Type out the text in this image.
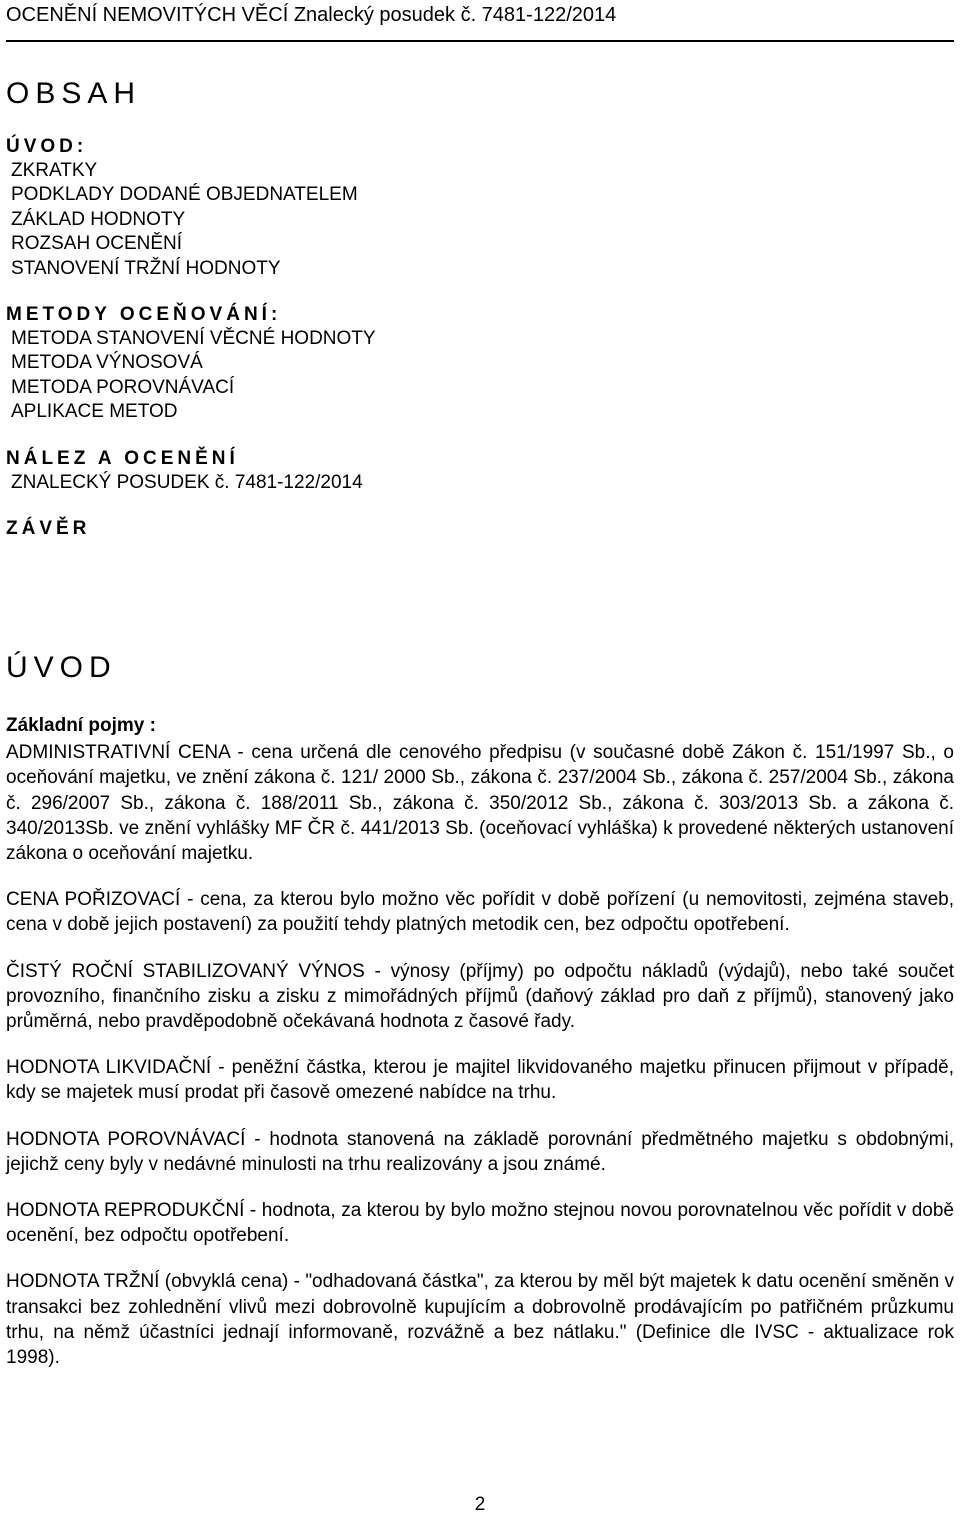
OCENĚNÍ NEMOVITÝCH VĚCÍ Znalecký posudek č. 7481-122/2014
OBSAH
ÚVOD:
ZKRATKY
PODKLADY DODANÉ OBJEDNATELEM
ZÁKLAD HODNOTY
ROZSAH OCENĚNÍ
STANOVENÍ TRŽNÍ HODNOTY
METODY OCEŇOVÁNÍ:
METODA STANOVENÍ VĚCNÉ HODNOTY
METODA VÝNOSOVÁ
METODA POROVNÁVACÍ
APLIKACE METOD
NÁLEZ A OCENĚNÍ
ZNALECKÝ POSUDEK č. 7481-122/2014
ZÁVĚR
ÚVOD
Základní pojmy :
ADMINISTRATIVNÍ CENA - cena určená dle cenového předpisu (v současné době Zákon č. 151/1997 Sb., o oceňování majetku, ve znění zákona č. 121/ 2000 Sb., zákona č. 237/2004 Sb., zákona č. 257/2004 Sb., zákona č. 296/2007 Sb., zákona č. 188/2011 Sb., zákona č. 350/2012 Sb., zákona č. 303/2013 Sb. a zákona č. 340/2013Sb. ve znění vyhlášky MF ČR č. 441/2013 Sb. (oceňovací vyhláška) k provedené některých ustanovení zákona o oceňování majetku.
CENA POŘIZOVACÍ - cena, za kterou bylo možno věc pořídit v době pořízení (u nemovitosti, zejména staveb, cena v době jejich postavení) za použití tehdy platných metodik cen, bez odpočtu opotřebení.
ČISTÝ ROČNÍ STABILIZOVANÝ VÝNOS - výnosy (příjmy) po odpočtu nákladů (výdajů), nebo také součet provozního, finančního zisku a zisku z mimořádných příjmů (daňový základ pro daň z příjmů), stanovený jako průměrná, nebo pravděpodobně očekávaná hodnota z časové řady.
HODNOTA LIKVIDAČNÍ - peněžní částka, kterou je majitel likvidovaného majetku přinucen přijmout v případě, kdy se majetek musí prodat při časově omezené nabídce na trhu.
HODNOTA POROVNÁVACÍ - hodnota stanovená na základě porovnání předmětného majetku s obdobnými, jejichž ceny byly v nedávné minulosti na trhu realizovány a jsou známé.
HODNOTA REPRODUKČNÍ - hodnota, za kterou by bylo možno stejnou novou porovnatelnou věc pořídit v době ocenění, bez odpočtu opotřebení.
HODNOTA TRŽNÍ (obvyklá cena) - "odhadovaná částka", za kterou by měl být majetek k datu ocenění směněn v transakci bez zohlednění vlivů mezi dobrovolně kupujícím a dobrovolně prodávajícím po patřičném průzkumu trhu, na němž účastníci jednají informovaně, rozvážně a bez nátlaku." (Definice dle IVSC - aktualizace rok 1998).
2
